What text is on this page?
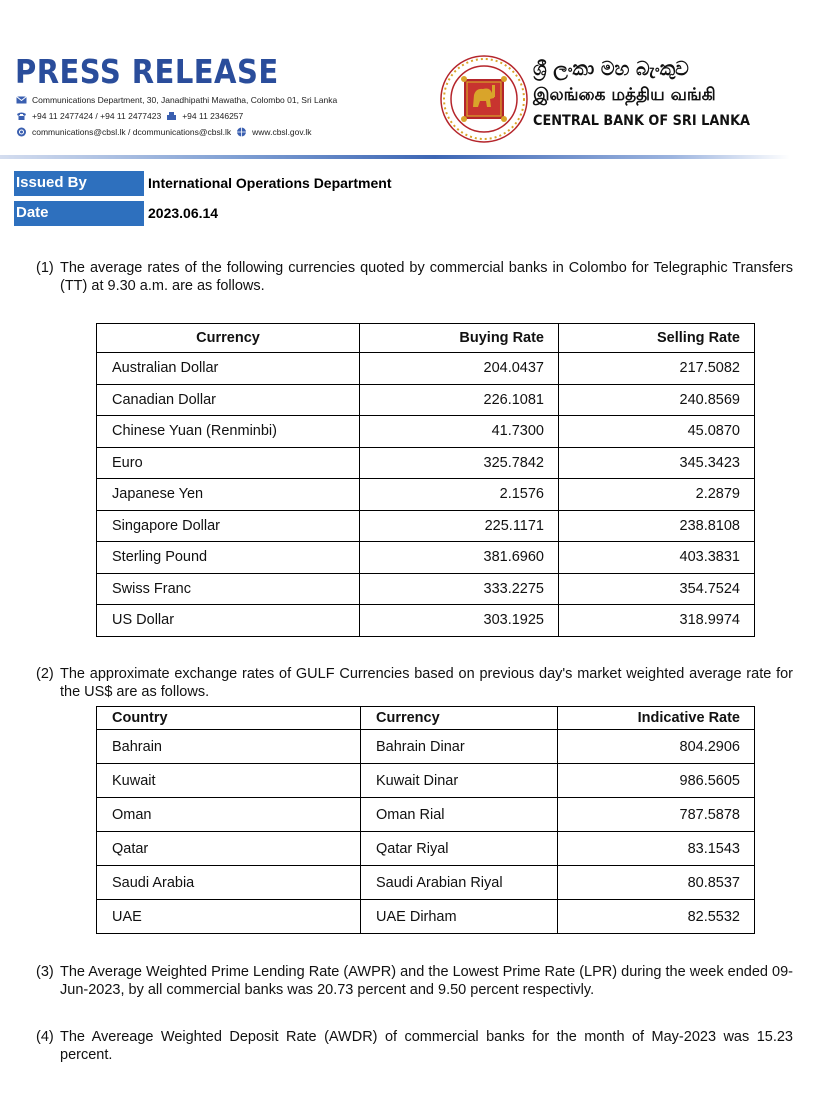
PRESS RELEASE
Communications Department, 30, Janadhipathi Mawatha, Colombo 01, Sri Lanka
+94 11 2477424 / +94 11 2477423 +94 11 2346257
communications@cbsl.lk / dcommunications@cbsl.lk www.cbsl.gov.lk
ශ්‍රී ලංකා මහ බැංකුව
இலங்கை மத்திய வங்கி
CENTRAL BANK OF SRI LANKA
Issued By	International Operations Department
Date	2023.06.14
(1) The average rates of the following currencies quoted by commercial banks in Colombo for Telegraphic Transfers (TT) at 9.30 a.m. are as follows.
Currency	Buying Rate	Selling Rate
Australian Dollar	204.0437	217.5082
Canadian Dollar	226.1081	240.8569
Chinese Yuan (Renminbi)	41.7300	45.0870
Euro	325.7842	345.3423
Japanese Yen	2.1576	2.2879
Singapore Dollar	225.1171	238.8108
Sterling Pound	381.6960	403.3831
Swiss Franc	333.2275	354.7524
US Dollar	303.1925	318.9974
(2) The approximate exchange rates of GULF Currencies based on previous day's market weighted average rate for the US$ are as follows.
Country	Currency	Indicative Rate
Bahrain	Bahrain Dinar	804.2906
Kuwait	Kuwait Dinar	986.5605
Oman	Oman Rial	787.5878
Qatar	Qatar Riyal	83.1543
Saudi Arabia	Saudi Arabian Riyal	80.8537
UAE	UAE Dirham	82.5532
(3) The Average Weighted Prime Lending Rate (AWPR) and the Lowest Prime Rate (LPR) during the week ended 09-Jun-2023, by all commercial banks was 20.73 percent and 9.50 percent respectivly.
(4) The Avereage Weighted Deposit Rate (AWDR) of commercial banks for the month of May-2023 was 15.23 percent.
